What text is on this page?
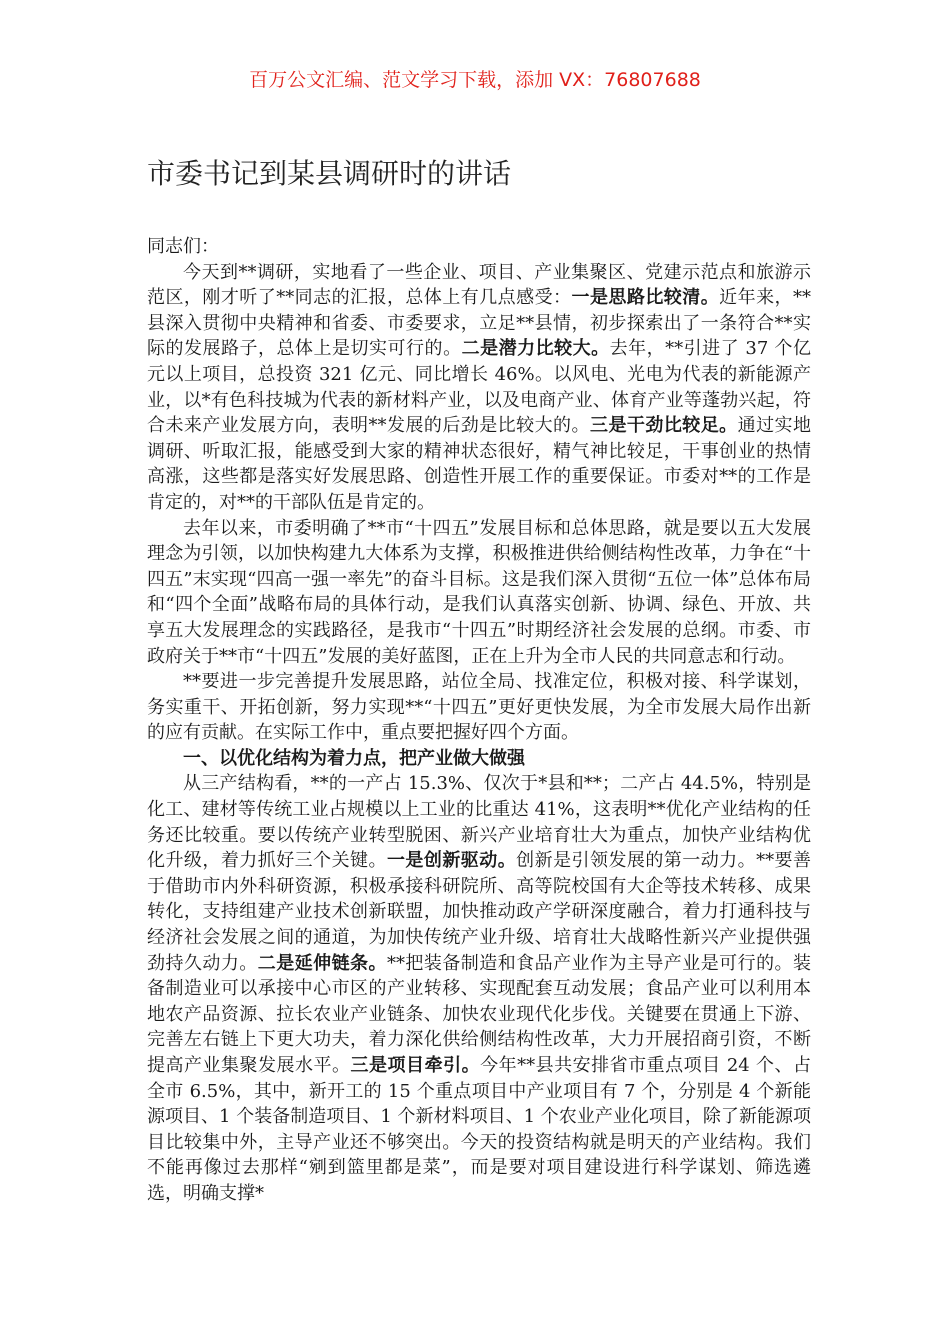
百万公文汇编、范文学习下载，添加 VX：76807688
市委书记到某县调研时的讲话

同志们：

今天到**调研，实地看了一些企业、项目、产业集聚区、党建示范点和旅游示范区，刚才听了**同志的汇报，总体上有几点感受：一是思路比较清。近年来，**县深入贯彻中央精神和省委、市委要求，立足**县情，初步探索出了一条符合**实际的发展路子，总体上是切实可行的。二是潜力比较大。去年，**引进了 37 个亿元以上项目，总投资 321 亿元、同比增长 46%。以风电、光电为代表的新能源产业，以*有色科技城为代表的新材料产业，以及电商产业、体育产业等蓬勃兴起，符合未来产业发展方向，表明**发展的后劲是比较大的。三是干劲比较足。通过实地调研、听取汇报，能感受到大家的精神状态很好，精气神比较足，干事创业的热情高涨，这些都是落实好发展思路、创造性开展工作的重要保证。市委对**的工作是肯定的，对**的干部队伍是肯定的。

去年以来，市委明确了**市“十四五”发展目标和总体思路，就是要以五大发展理念为引领，以加快构建九大体系为支撑，积极推进供给侧结构性改革，力争在“十四五”末实现“四高一强一率先”的奋斗目标。这是我们深入贯彻“五位一体”总体布局和“四个全面”战略布局的具体行动，是我们认真落实创新、协调、绿色、开放、共享五大发展理念的实践路径，是我市“十四五”时期经济社会发展的总纲。市委、市政府关于**市“十四五”发展的美好蓝图，正在上升为全市人民的共同意志和行动。

**要进一步完善提升发展思路，站位全局、找准定位，积极对接、科学谋划，务实重干、开拓创新，努力实现**“十四五”更好更快发展，为全市发展大局作出新的应有贡献。在实际工作中，重点要把握好四个方面。

一、以优化结构为着力点，把产业做大做强

从三产结构看，**的一产占 15.3%、仅次于*县和**；二产占 44.5%，特别是化工、建材等传统工业占规模以上工业的比重达 41%，这表明**优化产业结构的任务还比较重。要以传统产业转型脱困、新兴产业培育壮大为重点，加快产业结构优化升级，着力抓好三个关键。一是创新驱动。创新是引领发展的第一动力。**要善于借助市内外科研资源，积极承接科研院所、高等院校国有大企等技术转移、成果转化，支持组建产业技术创新联盟，加快推动政产学研深度融合，着力打通科技与经济社会发展之间的通道，为加快传统产业升级、培育壮大战略性新兴产业提供强劲持久动力。二是延伸链条。**把装备制造和食品产业作为主导产业是可行的。装备制造业可以承接中心市区的产业转移、实现配套互动发展；食品产业可以利用本地农产品资源、拉长农业产业链条、加快农业现代化步伐。关键要在贯通上下游、完善左右链上下更大功夫，着力深化供给侧结构性改革，大力开展招商引资，不断提高产业集聚发展水平。三是项目牵引。今年**县共安排省市重点项目 24 个、占全市 6.5%，其中，新开工的 15 个重点项目中产业项目有 7 个，分别是 4 个新能源项目、1 个装备制造项目、1 个新材料项目、1 个农业产业化项目，除了新能源项目比较集中外，主导产业还不够突出。今天的投资结构就是明天的产业结构。我们不能再像过去那样“剜到篮里都是菜”，而是要对项目建设进行科学谋划、筛选遴选，明确支撑*
